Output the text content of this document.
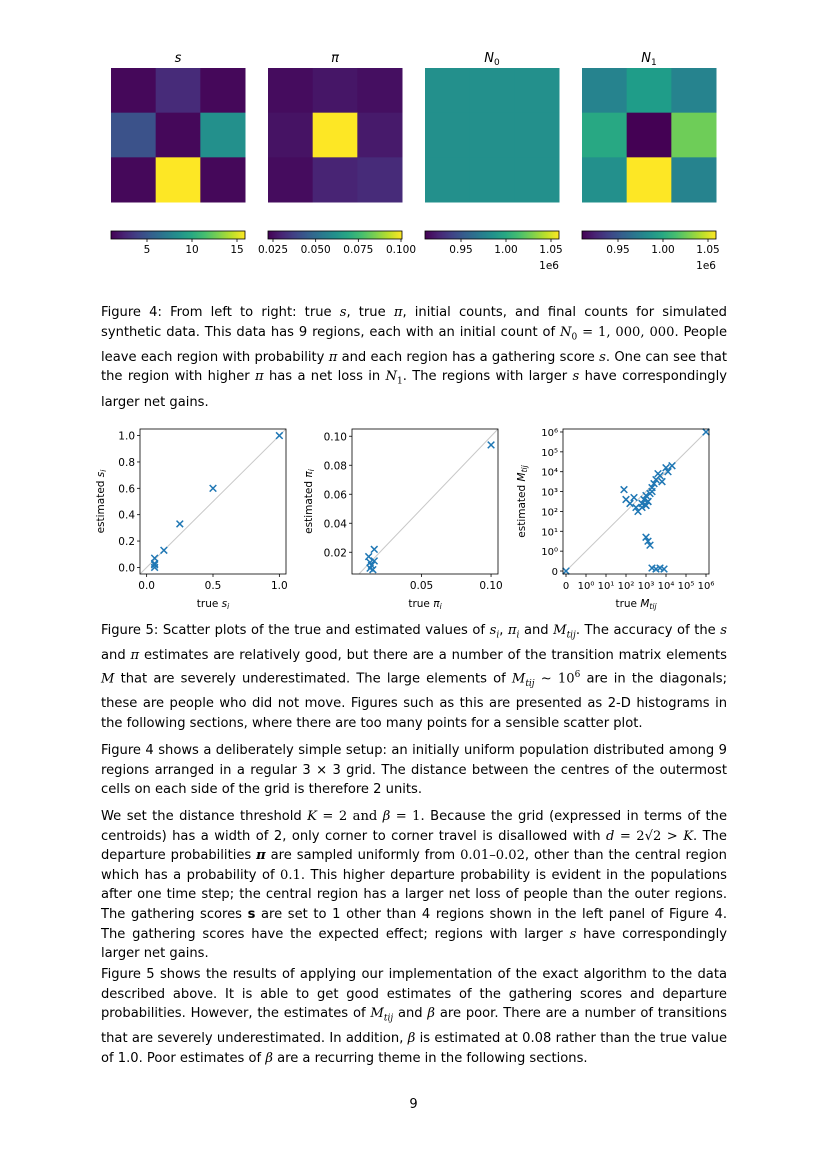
s
5	10	15
π
0.025 0.050 0.075 0.100
$N_0$
0.95 1.00 1.05
1e6
$N_1$
0.95 1.00 1.05
1e6
Figure 4: From left to right: true s, true π, initial counts, and final counts for simulated synthetic data. This data has 9 regions, each with an initial count of $N_0 = 1$, 000, 000. People leave each region with probability π and each region has a gathering score s. One can see that the region with higher π has a net loss in $N_1$. The regions with larger s have correspondingly larger net gains.
0.0	0.5	1.0
0.0
0.2
0.4
0.6
0.8
1.0
true si
estimated si
0.05	0.10
0.02
0.04
0.06
0.08
0.10
true πi
estimated πi
0 10⁰ 10¹ 10² 10³ 10⁴ 10⁵ 10⁶
0
10⁰
10¹
10²
10³
10⁴
10⁵
10⁶
true Mtij
estimated Mtij
Figure 5: Scatter plots of the true and estimated values of $s_i$, $\pi_i$ and $M_{tij}$. The accuracy of the s and π estimates are relatively good, but there are a number of the transition matrix elements M that are severely underestimated. The large elements of $M_{tij}$ ∼ $10^6$ are in the diagonals; these are people who did not move. Figures such as this are presented as 2-D histograms in the following sections, where there are too many points for a sensible scatter plot.
Figure 4 shows a deliberately simple setup: an initially uniform population distributed among 9 regions arranged in a regular 3 × 3 grid. The distance between the centres of the outermost cells on each side of the grid is therefore 2 units.
We set the distance threshold K = 2 and β = 1. Because the grid (expressed in terms of the centroids) has a width of 2, only corner to corner travel is disallowed with d = 2√2 > K. The departure probabilities π are sampled uniformly from 0.01–0.02, other than the central region which has a probability of 0.1. This higher departure probability is evident in the populations after one time step; the central region has a larger net loss of people than the outer regions. The gathering scores s are set to 1 other than 4 regions shown in the left panel of Figure 4. The gathering scores have the expected effect; regions with larger s have correspondingly larger net gains.
Figure 5 shows the results of applying our implementation of the exact algorithm to the data described above. It is able to get good estimates of the gathering scores and departure probabilities. However, the estimates of $M_{tij}$ and β are poor. There are a number of transitions that are severely underestimated. In addition, β is estimated at 0.08 rather than the true value of 1.0. Poor estimates of β are a recurring theme in the following sections.
9
